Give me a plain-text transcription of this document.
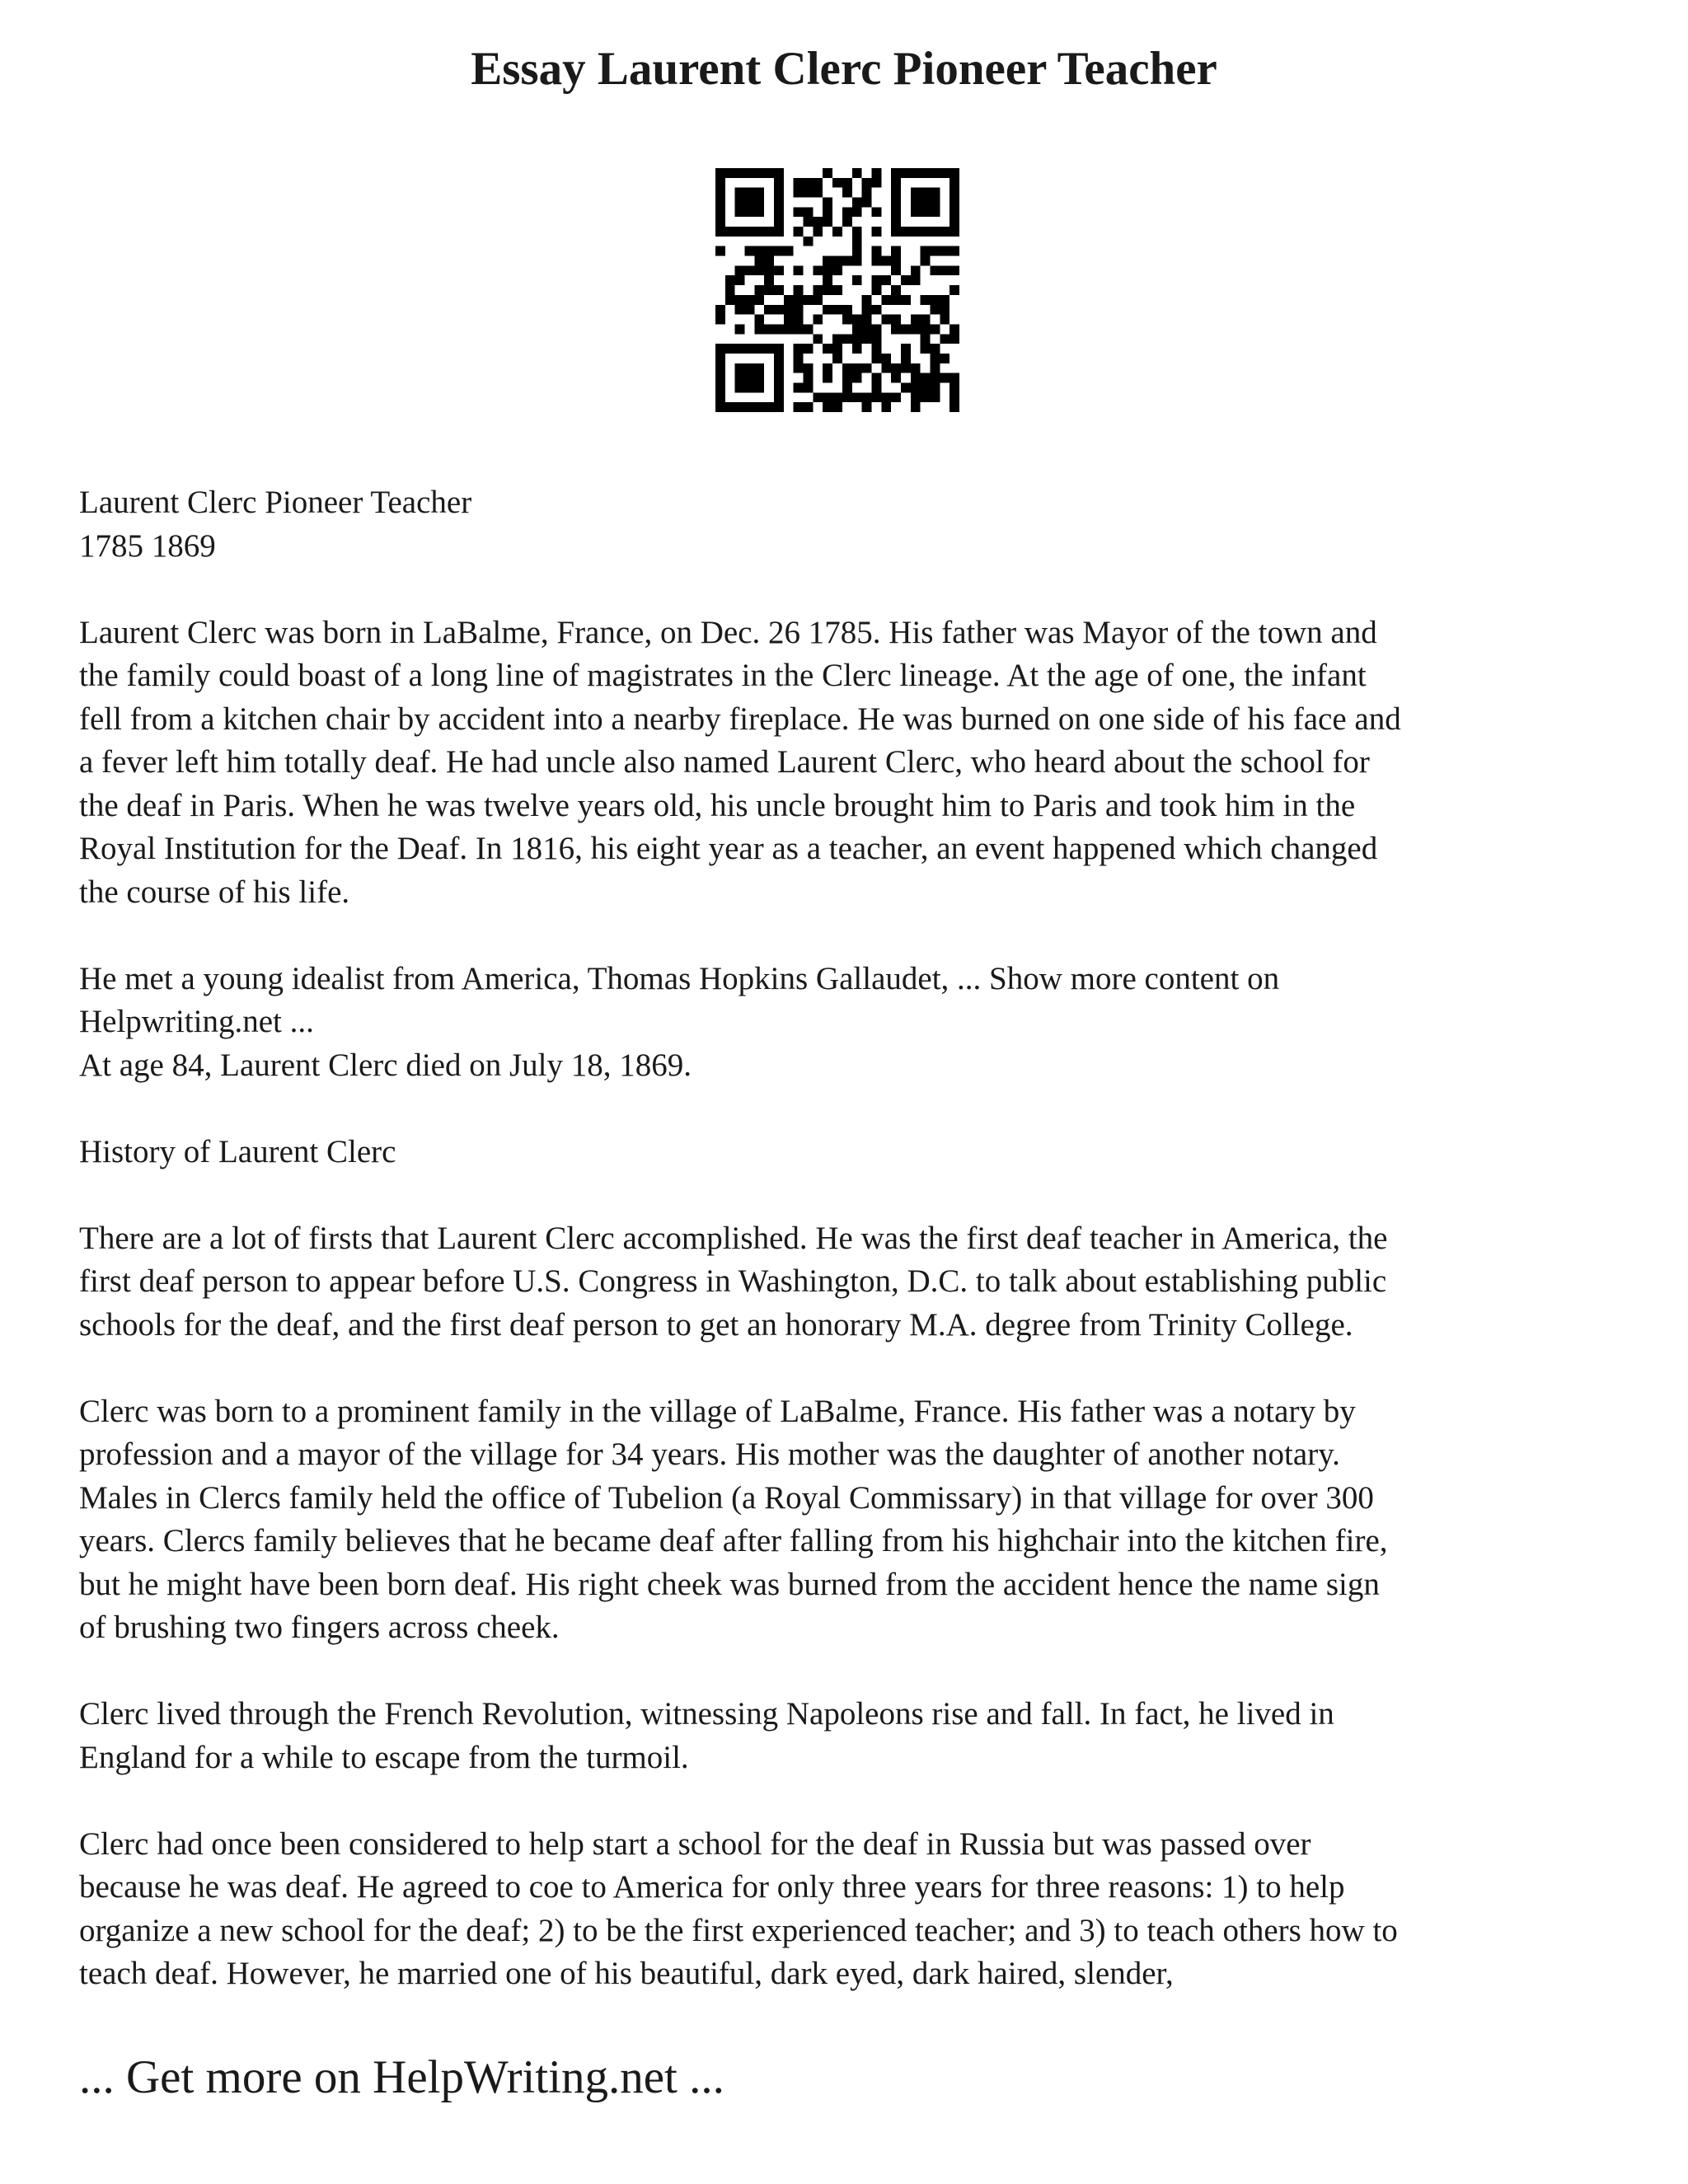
Essay Laurent Clerc Pioneer Teacher

Laurent Clerc Pioneer Teacher
1785 1869

Laurent Clerc was born in LaBalme, France, on Dec. 26 1785. His father was Mayor of the town and
the family could boast of a long line of magistrates in the Clerc lineage. At the age of one, the infant
fell from a kitchen chair by accident into a nearby fireplace. He was burned on one side of his face and
a fever left him totally deaf. He had uncle also named Laurent Clerc, who heard about the school for
the deaf in Paris. When he was twelve years old, his uncle brought him to Paris and took him in the
Royal Institution for the Deaf. In 1816, his eight year as a teacher, an event happened which changed
the course of his life.

He met a young idealist from America, Thomas Hopkins Gallaudet, ... Show more content on
Helpwriting.net ...
At age 84, Laurent Clerc died on July 18, 1869.

History of Laurent Clerc

There are a lot of firsts that Laurent Clerc accomplished. He was the first deaf teacher in America, the
first deaf person to appear before U.S. Congress in Washington, D.C. to talk about establishing public
schools for the deaf, and the first deaf person to get an honorary M.A. degree from Trinity College.

Clerc was born to a prominent family in the village of LaBalme, France. His father was a notary by
profession and a mayor of the village for 34 years. His mother was the daughter of another notary.
Males in Clercs family held the office of Tubelion (a Royal Commissary) in that village for over 300
years. Clercs family believes that he became deaf after falling from his highchair into the kitchen fire,
but he might have been born deaf. His right cheek was burned from the accident hence the name sign
of brushing two fingers across cheek.

Clerc lived through the French Revolution, witnessing Napoleons rise and fall. In fact, he lived in
England for a while to escape from the turmoil.

Clerc had once been considered to help start a school for the deaf in Russia but was passed over
because he was deaf. He agreed to coe to America for only three years for three reasons: 1) to help
organize a new school for the deaf; 2) to be the first experienced teacher; and 3) to teach others how to
teach deaf. However, he married one of his beautiful, dark eyed, dark haired, slender,

... Get more on HelpWriting.net ...
